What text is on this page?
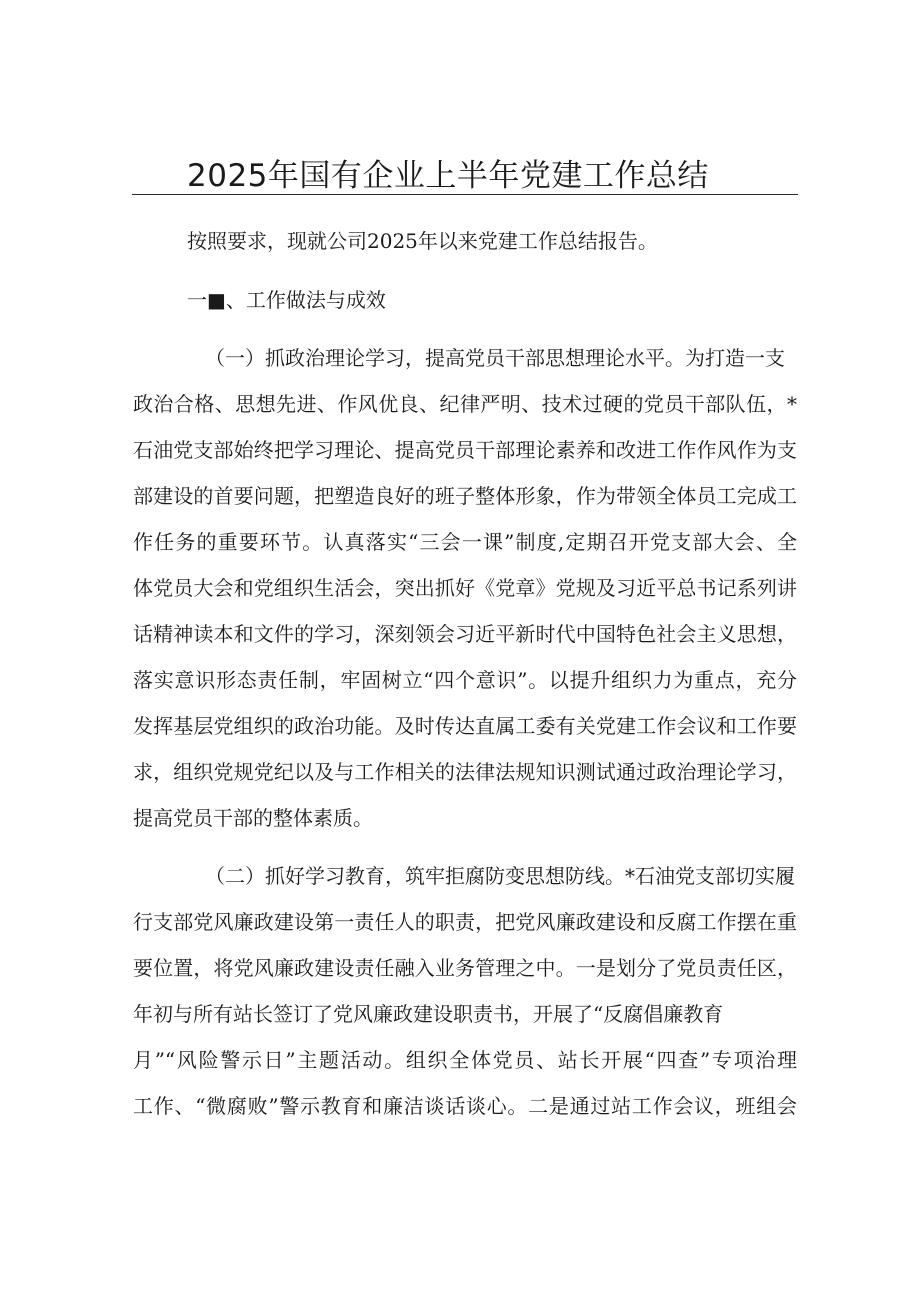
2025年国有企业上半年党建工作总结
按照要求，现就公司2025年以来党建工作总结报告。
一■、工作做法与成效
（一）抓政治理论学习，提高党员干部思想理论水平。为打造一支
政治合格、思想先进、作风优良、纪律严明、技术过硬的党员干部队伍，*
石油党支部始终把学习理论、提高党员干部理论素养和改进工作作风作为支
部建设的首要问题，把塑造良好的班子整体形象，作为带领全体员工完成工
作任务的重要环节。认真落实“三会一课”制度,定期召开党支部大会、全
体党员大会和党组织生活会，突出抓好《党章》党规及习近平总书记系列讲
话精神读本和文件的学习，深刻领会习近平新时代中国特色社会主义思想，
落实意识形态责任制，牢固树立“四个意识”。以提升组织力为重点，充分
发挥基层党组织的政治功能。及时传达直属工委有关党建工作会议和工作要
求，组织党规党纪以及与工作相关的法律法规知识测试通过政治理论学习，
提高党员干部的整体素质。
（二）抓好学习教育，筑牢拒腐防变思想防线。*石油党支部切实履
行支部党风廉政建设第一责任人的职责，把党风廉政建设和反腐工作摆在重
要位置，将党风廉政建设责任融入业务管理之中。一是划分了党员责任区，
年初与所有站长签订了党风廉政建设职责书，开展了“反腐倡廉教育
月”“风险警示日”主题活动。组织全体党员、站长开展“四查”专项治理
工作、“微腐败”警示教育和廉洁谈话谈心。二是通过站工作会议，班组会
